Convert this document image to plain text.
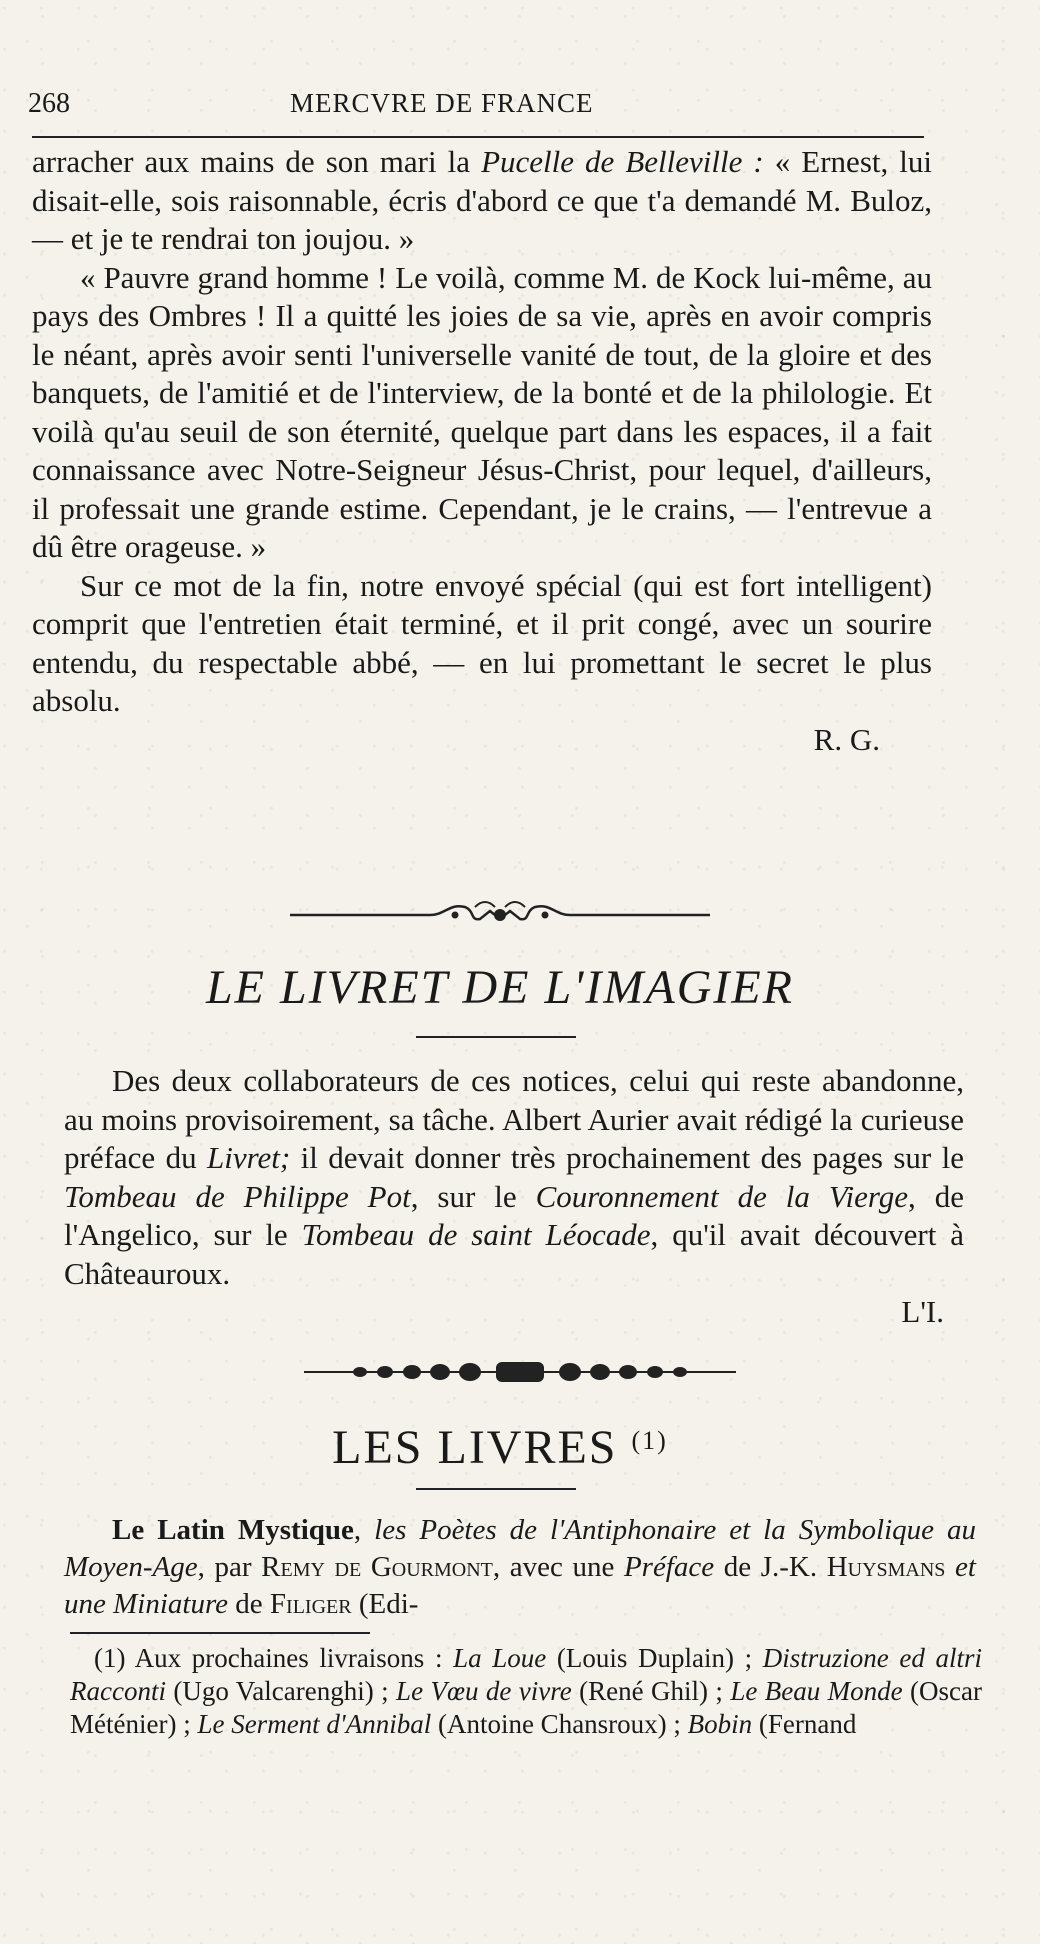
268	MERCVRE DE FRANCE

arracher aux mains de son mari la Pucelle de Belleville : « Ernest, lui disait-elle, sois raisonnable, écris d'abord ce que t'a demandé M. Buloz, — et je te rendrai ton joujou. »

« Pauvre grand homme ! Le voilà, comme M. de Kock lui-même, au pays des Ombres ! Il a quitté les joies de sa vie, après en avoir compris le néant, après avoir senti l'universelle vanité de tout, de la gloire et des banquets, de l'amitié et de l'interview, de la bonté et de la philologie. Et voilà qu'au seuil de son éternité, quelque part dans les espaces, il a fait connaissance avec Notre-Seigneur Jésus-Christ, pour lequel, d'ailleurs, il professait une grande estime. Cependant, je le crains, — l'entrevue a dû être orageuse. »

Sur ce mot de la fin, notre envoyé spécial (qui est fort intelligent) comprit que l'entretien était terminé, et il prit congé, avec un sourire entendu, du respectable abbé, — en lui promettant le secret le plus absolu.

R. G.

LE LIVRET DE L'IMAGIER

Des deux collaborateurs de ces notices, celui qui reste abandonne, au moins provisoirement, sa tâche. Albert Aurier avait rédigé la curieuse préface du Livret; il devait donner très prochainement des pages sur le Tombeau de Philippe Pot, sur le Couronnement de la Vierge, de l'Angelico, sur le Tombeau de saint Léocade, qu'il avait découvert à Châteauroux.

L'I.

LES LIVRES $^{(1)}$

Le Latin Mystique, les Poètes de l'Antiphonaire et la Symbolique au Moyen-Age, par Remy de Gourmont, avec une Préface de J.-K. Huysmans et une Miniature de Filiger (Edi-

(1) Aux prochaines livraisons : La Loue (Louis Duplain) ; Distruzione ed altri Racconti (Ugo Valcarenghi) ; Le Vœu de vivre (René Ghil) ; Le Beau Monde (Oscar Méténier) ; Le Serment d'Annibal (Antoine Chansroux) ; Bobin (Fernand
